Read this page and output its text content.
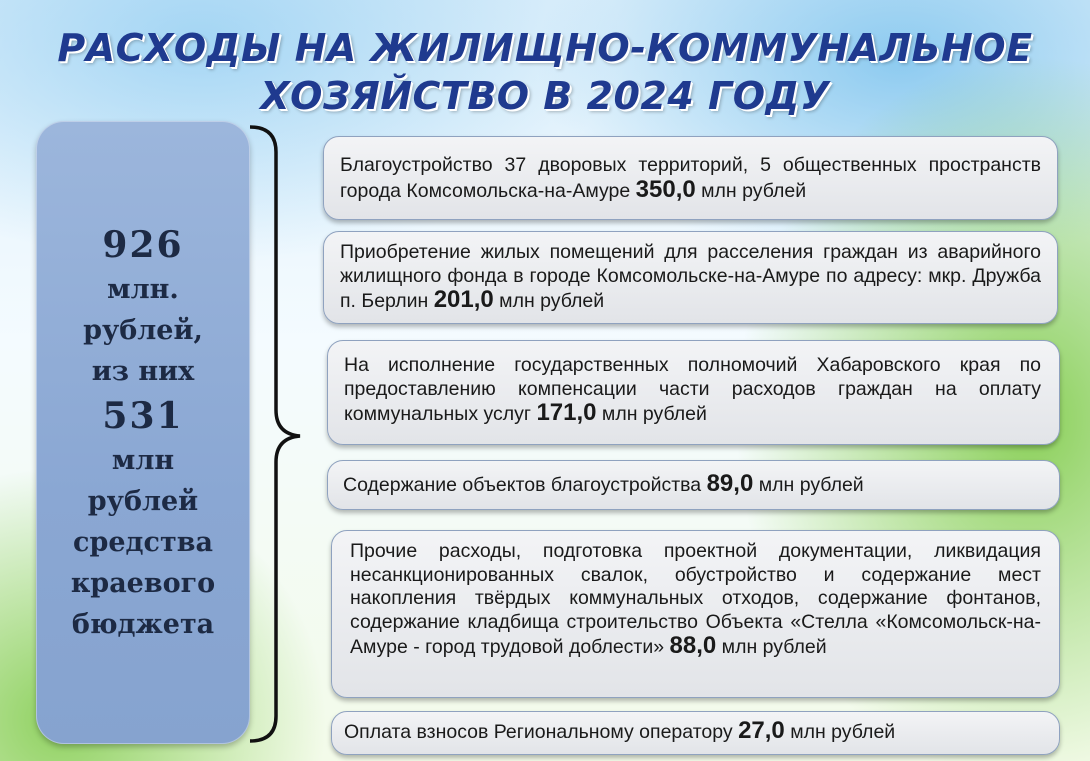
РАСХОДЫ НА ЖИЛИЩНО-КОММУНАЛЬНОЕ
ХОЗЯЙСТВО В 2024 ГОДУ
926
млн.
рублей,
из них
531
млн
рублей
средства
краевого
бюджета
Благоустройство 37 дворовых территорий, 5 общественных пространств города Комсомольска-на-Амуре 350,0 млн рублей
Приобретение жилых помещений для расселения граждан из аварийного жилищного фонда в городе Комсомольске-на-Амуре по адресу: мкр. Дружба п. Берлин 201,0 млн рублей
На исполнение государственных полномочий Хабаровского края по предоставлению компенсации части расходов граждан на оплату коммунальных услуг 171,0 млн рублей
Содержание объектов благоустройства 89,0 млн рублей
Прочие расходы, подготовка проектной документации, ликвидация несанкционированных свалок, обустройство и содержание мест накопления твёрдых коммунальных отходов, содержание фонтанов, содержание кладбища строительство Объекта «Стелла «Комсомольск-на-Амуре - город трудовой доблести» 88,0 млн рублей
Оплата взносов Региональному оператору 27,0 млн рублей
